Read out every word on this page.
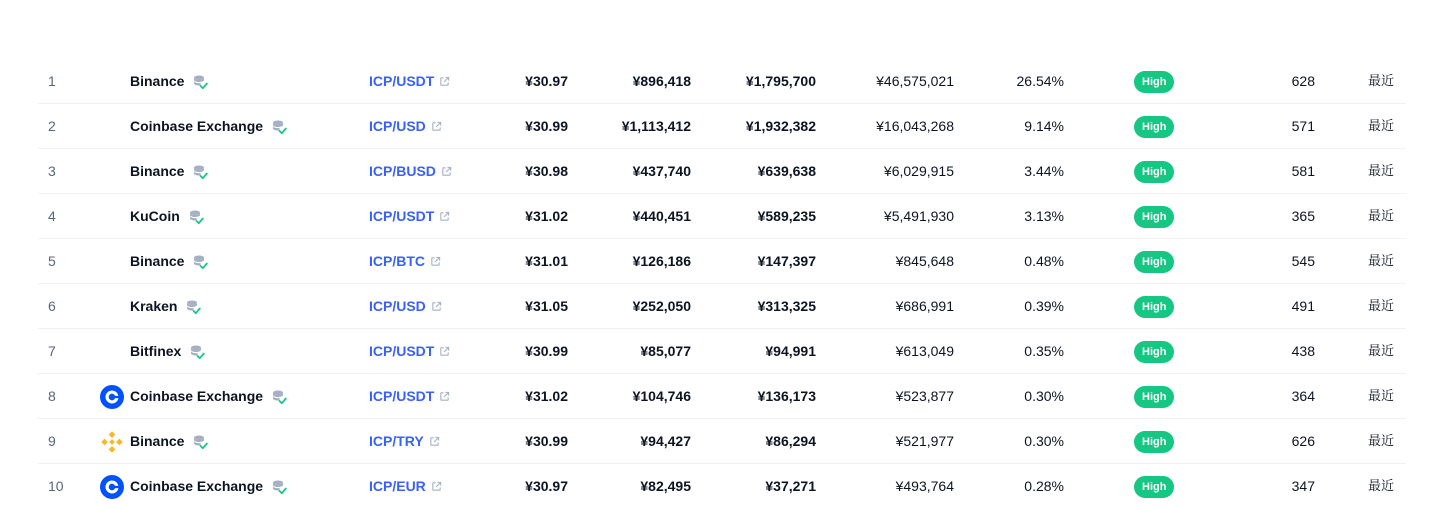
1	Binance	ICP/USDT	¥30.97	¥896,418	¥1,795,700	¥46,575,021	26.54%	High	628	最近
2	Coinbase Exchange	ICP/USD	¥30.99	¥1,113,412	¥1,932,382	¥16,043,268	9.14%	High	571	最近
3	Binance	ICP/BUSD	¥30.98	¥437,740	¥639,638	¥6,029,915	3.44%	High	581	最近
4	KuCoin	ICP/USDT	¥31.02	¥440,451	¥589,235	¥5,491,930	3.13%	High	365	最近
5	Binance	ICP/BTC	¥31.01	¥126,186	¥147,397	¥845,648	0.48%	High	545	最近
6	Kraken	ICP/USD	¥31.05	¥252,050	¥313,325	¥686,991	0.39%	High	491	最近
7	Bitfinex	ICP/USDT	¥30.99	¥85,077	¥94,991	¥613,049	0.35%	High	438	最近
8	Coinbase Exchange	ICP/USDT	¥31.02	¥104,746	¥136,173	¥523,877	0.30%	High	364	最近
9	Binance	ICP/TRY	¥30.99	¥94,427	¥86,294	¥521,977	0.30%	High	626	最近
10	Coinbase Exchange	ICP/EUR	¥30.97	¥82,495	¥37,271	¥493,764	0.28%	High	347	最近
